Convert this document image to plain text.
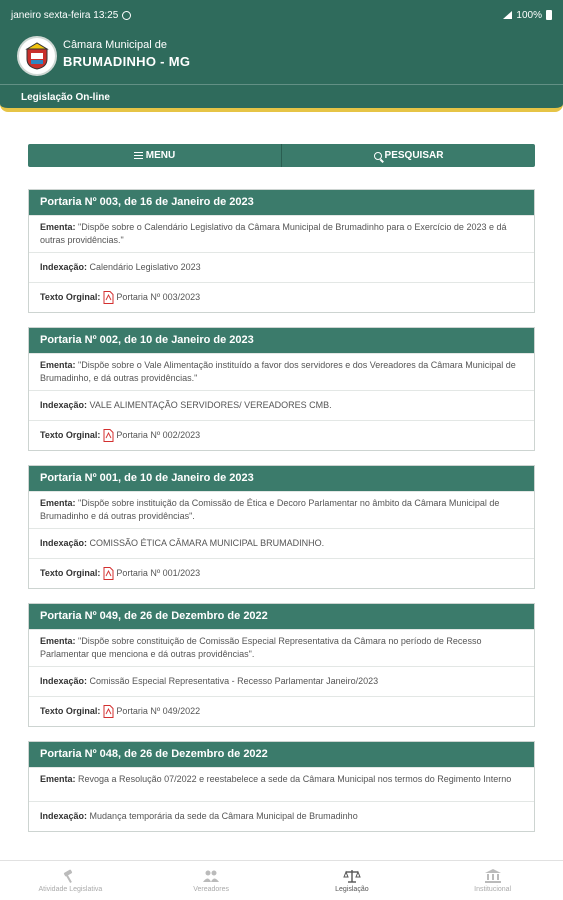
janeiro sexta-feira 13:25	100%
Câmara Municipal de
BRUMADINHO - MG
Legislação On-line
MENU	PESQUISAR
Portaria Nº 003, de 16 de Janeiro de 2023
Ementa: "Dispõe sobre o Calendário Legislativo da Câmara Municipal de Brumadinho para o Exercício de 2023 e dá outras providências."
Indexação:
Calendário Legislativo 2023
Texto Orginal: Portaria Nº 003/2023
Portaria Nº 002, de 10 de Janeiro de 2023
Ementa: "Dispõe sobre o Vale Alimentação instituído a favor dos servidores e dos Vereadores da Câmara Municipal de Brumadinho, e dá outras providências."
Indexação:
VALE ALIMENTAÇÃO SERVIDORES/ VEREADORES CMB.
Texto Orginal: Portaria Nº 002/2023
Portaria Nº 001, de 10 de Janeiro de 2023
Ementa: "Dispõe sobre instituição da Comissão de Ética e Decoro Parlamentar no âmbito da Câmara Municipal de Brumadinho e dá outras providências".
Indexação:
COMISSÃO ÉTICA CÂMARA MUNICIPAL BRUMADINHO.
Texto Orginal: Portaria Nº 001/2023
Portaria Nº 049, de 26 de Dezembro de 2022
Ementa: "Dispõe sobre constituição de Comissão Especial Representativa da Câmara no período de Recesso Parlamentar que menciona e dá outras providências".
Indexação:
Comissão Especial Representativa - Recesso Parlamentar Janeiro/2023
Texto Orginal: Portaria Nº 049/2022
Portaria Nº 048, de 26 de Dezembro de 2022
Ementa: Revoga a Resolução 07/2022 e reestabelece a sede da Câmara Municipal nos termos do Regimento Interno
Indexação:
Mudança temporária da sede da Câmara Municipal de Brumadinho
Atividade Legislativa	Vereadores	Legislação	Institucional
